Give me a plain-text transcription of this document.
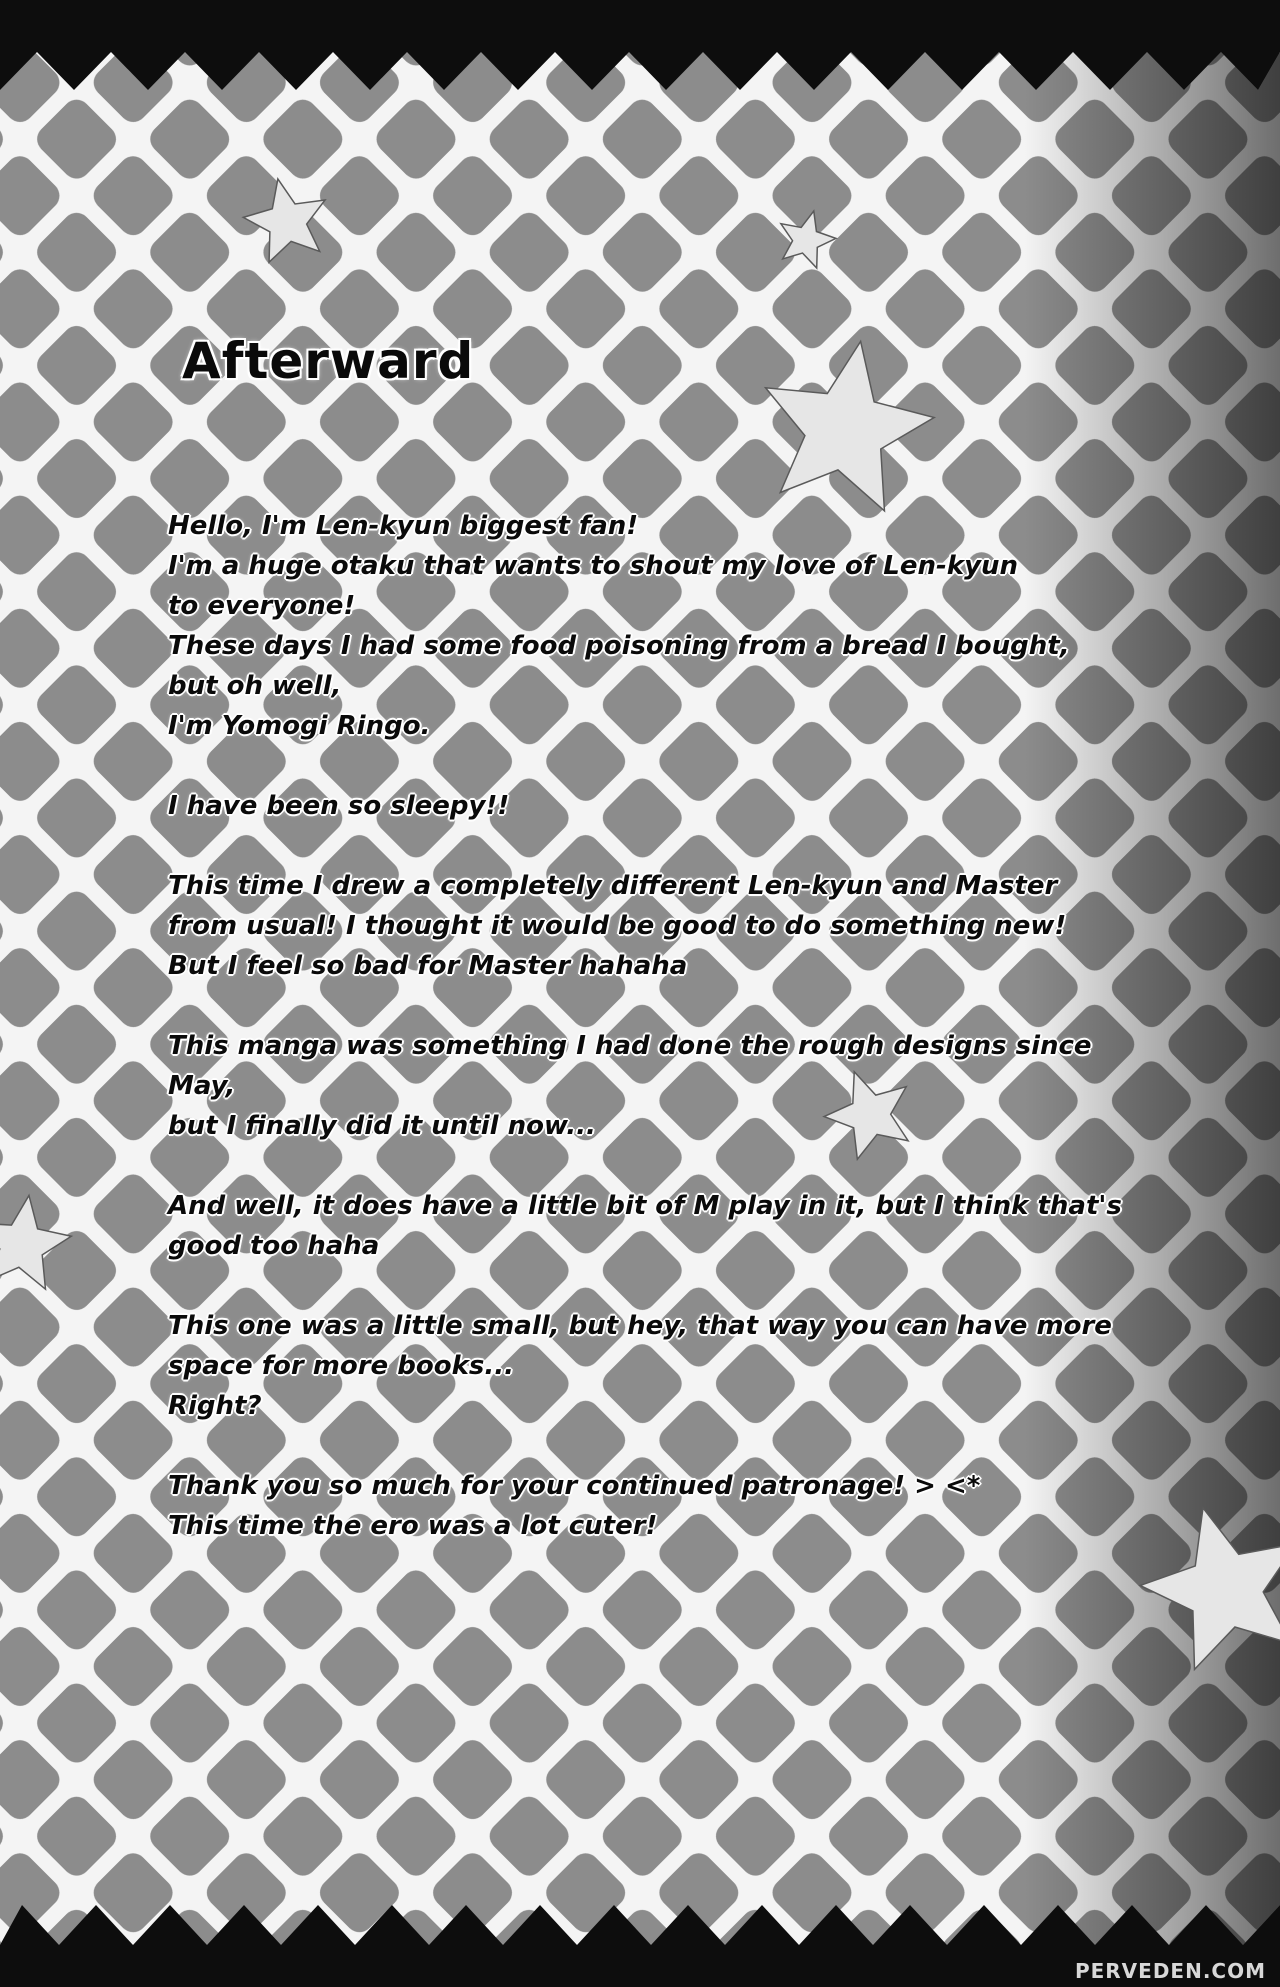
Afterward
Hello, I'm Len-kyun biggest fan!
I'm a huge otaku that wants to shout my love of Len-kyun
to everyone!
These days I had some food poisoning from a bread I bought,
but oh well,
I'm Yomogi Ringo.
I have been so sleepy!!
This time I drew a completely different Len-kyun and Master
from usual! I thought it would be good to do something new!
But I feel so bad for Master hahaha
This manga was something I had done the rough designs since
May,
but I finally did it until now...
And well, it does have a little bit of M play in it, but I think that's
good too haha
This one was a little small, but hey, that way you can have more
space for more books...
Right?
Thank you so much for your continued patronage! > <*
This time the ero was a lot cuter!
PERVEDEN.COM
